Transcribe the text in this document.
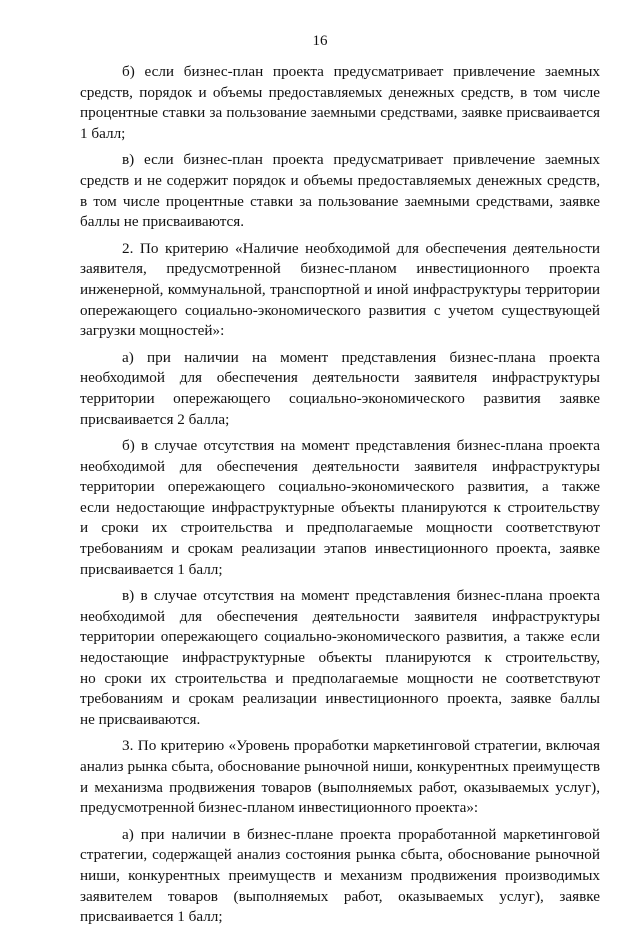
16
б) если бизнес-план проекта предусматривает привлечение заемных
средств, порядок и объемы предоставляемых денежных средств, в том числе
процентные ставки за пользование заемными средствами, заявке присваивается
1 балл;
в) если бизнес-план проекта предусматривает привлечение заемных
средств и не содержит порядок и объемы предоставляемых денежных средств,
в том числе процентные ставки за пользование заемными средствами, заявке
баллы не присваиваются.
2. По критерию «Наличие необходимой для обеспечения деятельности
заявителя, предусмотренной бизнес-планом инвестиционного проекта
инженерной, коммунальной, транспортной и иной инфраструктуры территории
опережающего социально-экономического развития с учетом существующей
загрузки мощностей»:
а) при наличии на момент представления бизнес-плана проекта
необходимой для обеспечения деятельности заявителя инфраструктуры
территории опережающего социально-экономического развития заявке
присваивается 2 балла;
б) в случае отсутствия на момент представления бизнес-плана проекта
необходимой для обеспечения деятельности заявителя инфраструктуры
территории опережающего социально-экономического развития, а также
если недостающие инфраструктурные объекты планируются к строительству
и сроки их строительства и предполагаемые мощности соответствуют
требованиям и срокам реализации этапов инвестиционного проекта, заявке
присваивается 1 балл;
в) в случае отсутствия на момент представления бизнес-плана проекта
необходимой для обеспечения деятельности заявителя инфраструктуры
территории опережающего социально-экономического развития, а также если
недостающие инфраструктурные объекты планируются к строительству,
но сроки их строительства и предполагаемые мощности не соответствуют
требованиям и срокам реализации инвестиционного проекта, заявке баллы
не присваиваются.
3. По критерию «Уровень проработки маркетинговой стратегии, включая
анализ рынка сбыта, обоснование рыночной ниши, конкурентных преимуществ
и механизма продвижения товаров (выполняемых работ, оказываемых услуг),
предусмотренной бизнес-планом инвестиционного проекта»:
а) при наличии в бизнес-плане проекта проработанной маркетинговой
стратегии, содержащей анализ состояния рынка сбыта, обоснование рыночной
ниши, конкурентных преимуществ и механизм продвижения производимых
заявителем товаров (выполняемых работ, оказываемых услуг), заявке
присваивается 1 балл;
